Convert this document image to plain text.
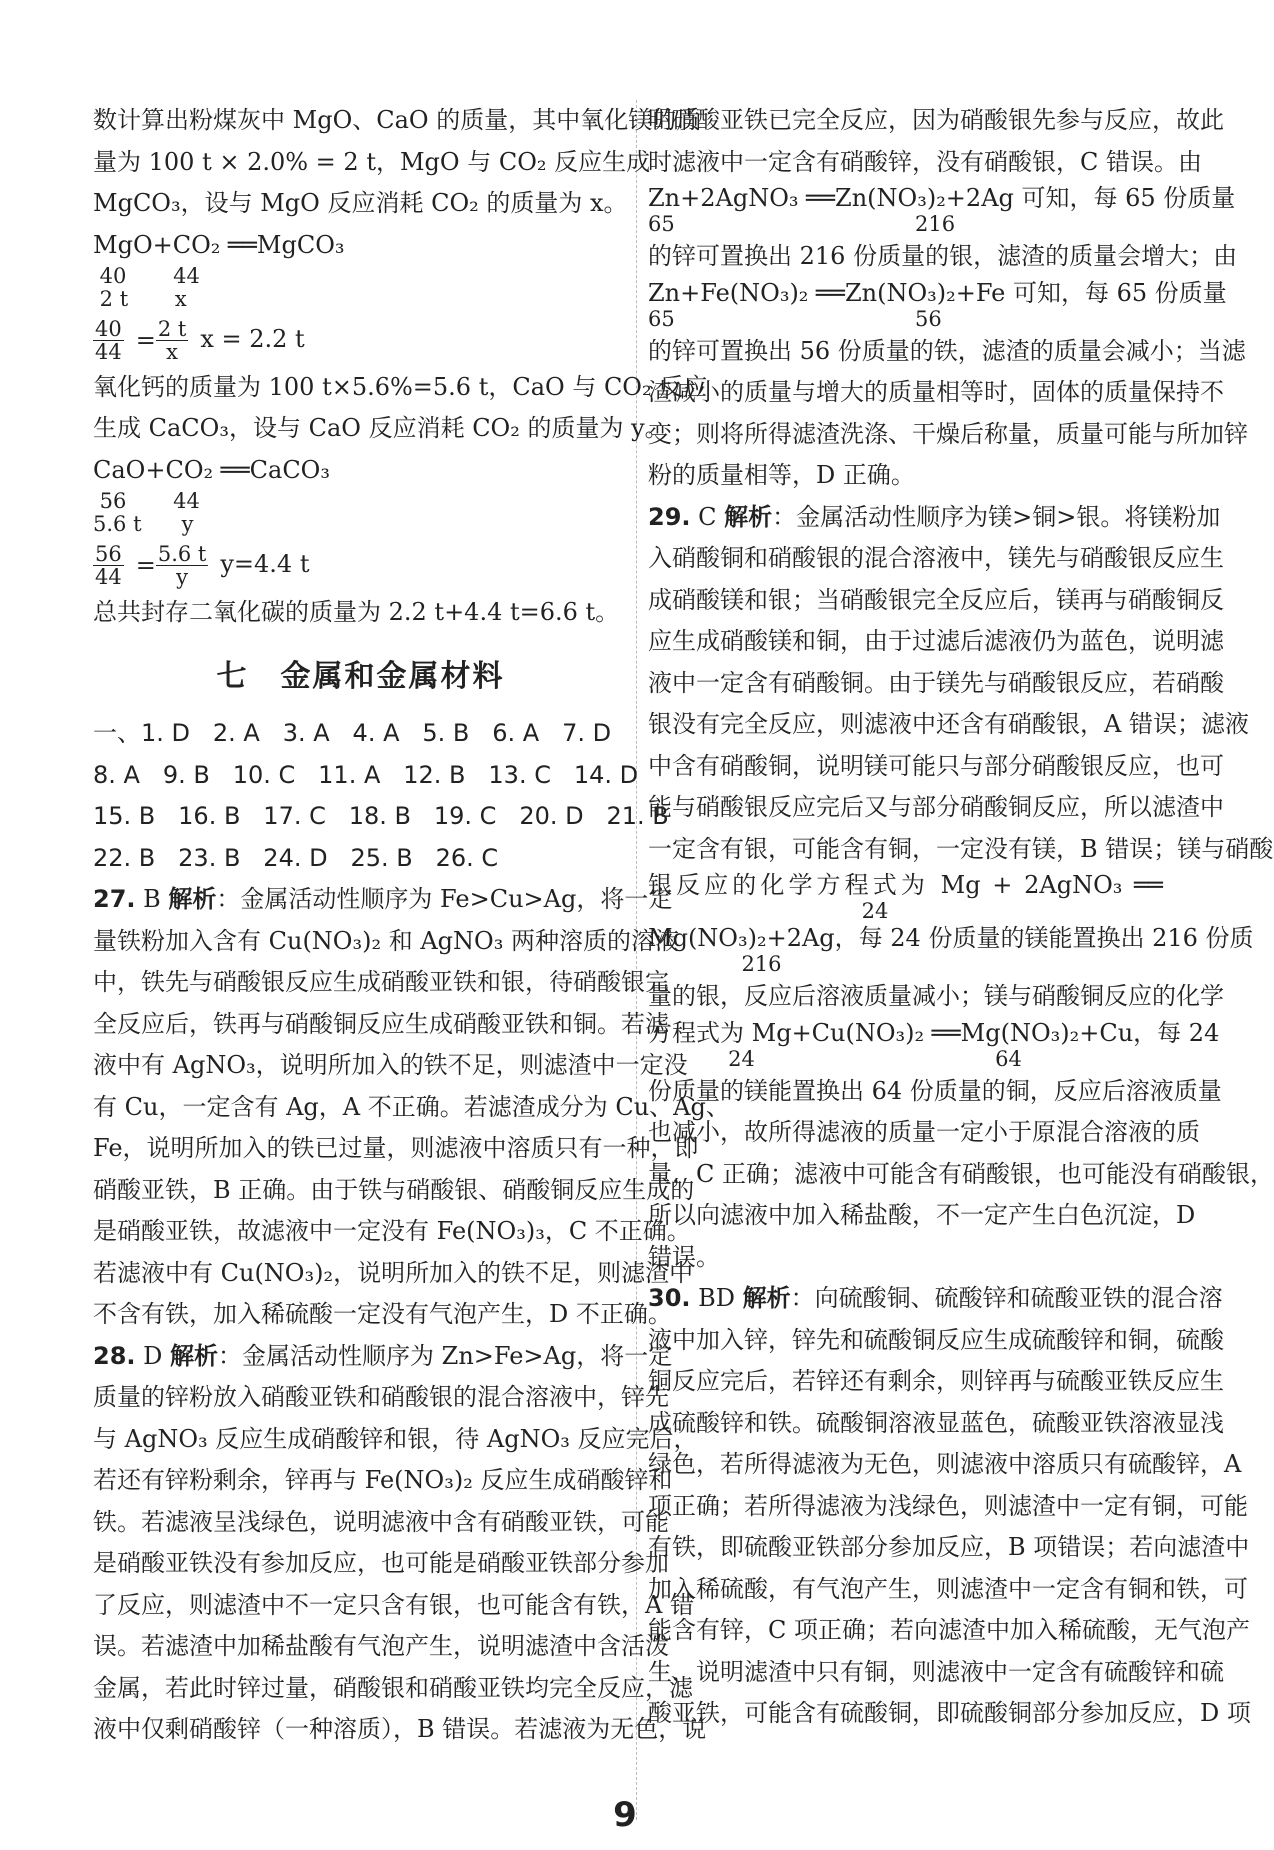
数计算出粉煤灰中 MgO、CaO 的质量，其中氧化镁的质
量为 100 t × 2.0% = 2 t，MgO 与 CO₂ 反应生成
MgCO₃，设与 MgO 反应消耗 CO₂ 的质量为 x。
MgO+CO₂ ══MgCO₃
40       44
2 t       x
$\frac{40}{44} = \frac{2 t}{x}$ x = 2.2 t
氧化钙的质量为 100 t×5.6%=5.6 t，CaO 与 CO₂ 反应
生成 CaCO₃，设与 CaO 反应消耗 CO₂ 的质量为 y。
CaO+CO₂ ══CaCO₃
56       44
5.6 t      y
$\frac{56}{44} = \frac{5.6 t}{y} y=4.4$ t
总共封存二氧化碳的质量为 2.2 t+4.4 t=6.6 t。
七　金属和金属材料
一、1. D   2. A   3. A   4. A   5. B   6. A   7. D
8. A   9. B   10. C   11. A   12. B   13. C   14. D
15. B   16. B   17. C   18. B   19. C   20. D   21. B
22. B   23. B   24. D   25. B   26. C
27. B 解析：金属活动性顺序为 Fe>Cu>Ag，将一定
量铁粉加入含有 Cu(NO₃)₂ 和 AgNO₃ 两种溶质的溶液
中，铁先与硝酸银反应生成硝酸亚铁和银，待硝酸银完
全反应后，铁再与硝酸铜反应生成硝酸亚铁和铜。若滤
液中有 AgNO₃，说明所加入的铁不足，则滤渣中一定没
有 Cu，一定含有 Ag，A 不正确。若滤渣成分为 Cu、Ag、
Fe，说明所加入的铁已过量，则滤液中溶质只有一种，即
硝酸亚铁，B 正确。由于铁与硝酸银、硝酸铜反应生成的
是硝酸亚铁，故滤液中一定没有 Fe(NO₃)₃，C 不正确。
若滤液中有 Cu(NO₃)₂，说明所加入的铁不足，则滤渣中
不含有铁，加入稀硫酸一定没有气泡产生，D 不正确。
28. D 解析：金属活动性顺序为 Zn>Fe>Ag，将一定
质量的锌粉放入硝酸亚铁和硝酸银的混合溶液中，锌先
与 AgNO₃ 反应生成硝酸锌和银，待 AgNO₃ 反应完后，
若还有锌粉剩余，锌再与 Fe(NO₃)₂ 反应生成硝酸锌和
铁。若滤液呈浅绿色，说明滤液中含有硝酸亚铁，可能
是硝酸亚铁没有参加反应，也可能是硝酸亚铁部分参加
了反应，则滤渣中不一定只含有银，也可能含有铁，A 错
误。若滤渣中加稀盐酸有气泡产生，说明滤渣中含活泼
金属，若此时锌过量，硝酸银和硝酸亚铁均完全反应，滤
液中仅剩硝酸锌（一种溶质），B 错误。若滤液为无色，说
明硝酸亚铁已完全反应，因为硝酸银先参与反应，故此
时滤液中一定含有硝酸锌，没有硝酸银，C 错误。由
Zn+2AgNO₃ ══Zn(NO₃)₂+2Ag 可知，每 65 份质量
65                                    216
的锌可置换出 216 份质量的银，滤渣的质量会增大；由
Zn+Fe(NO₃)₂ ══Zn(NO₃)₂+Fe 可知，每 65 份质量
65                                    56
的锌可置换出 56 份质量的铁，滤渣的质量会减小；当滤
渣减小的质量与增大的质量相等时，固体的质量保持不
变；则将所得滤渣洗涤、干燥后称量，质量可能与所加锌
粉的质量相等，D 正确。
29. C 解析：金属活动性顺序为镁>铜>银。将镁粉加
入硝酸铜和硝酸银的混合溶液中，镁先与硝酸银反应生
成硝酸镁和银；当硝酸银完全反应后，镁再与硝酸铜反
应生成硝酸镁和铜，由于过滤后滤液仍为蓝色，说明滤
液中一定含有硝酸铜。由于镁先与硝酸银反应，若硝酸
银没有完全反应，则滤液中还含有硝酸银，A 错误；滤液
中含有硝酸铜，说明镁可能只与部分硝酸银反应，也可
能与硝酸银反应完后又与部分硝酸铜反应，所以滤渣中
一定含有银，可能含有铜，一定没有镁，B 错误；镁与硝酸
银反应的化学方程式为 Mg + 2AgNO₃ ══
24
Mg(NO₃)₂+2Ag，每 24 份质量的镁能置换出 216 份质
216
量的银，反应后溶液质量减小；镁与硝酸铜反应的化学
方程式为 Mg+Cu(NO₃)₂ ══Mg(NO₃)₂+Cu，每 24
24                                    64
份质量的镁能置换出 64 份质量的铜，反应后溶液质量
也减小，故所得滤液的质量一定小于原混合溶液的质
量，C 正确；滤液中可能含有硝酸银，也可能没有硝酸银，
所以向滤液中加入稀盐酸，不一定产生白色沉淀，D
错误。
30. BD 解析：向硫酸铜、硫酸锌和硫酸亚铁的混合溶
液中加入锌，锌先和硫酸铜反应生成硫酸锌和铜，硫酸
铜反应完后，若锌还有剩余，则锌再与硫酸亚铁反应生
成硫酸锌和铁。硫酸铜溶液显蓝色，硫酸亚铁溶液显浅
绿色，若所得滤液为无色，则滤液中溶质只有硫酸锌，A
项正确；若所得滤液为浅绿色，则滤渣中一定有铜，可能
有铁，即硫酸亚铁部分参加反应，B 项错误；若向滤渣中
加入稀硫酸，有气泡产生，则滤渣中一定含有铜和铁，可
能含有锌，C 项正确；若向滤渣中加入稀硫酸，无气泡产
生，说明滤渣中只有铜，则滤液中一定含有硫酸锌和硫
酸亚铁，可能含有硫酸铜，即硫酸铜部分参加反应，D 项
9
